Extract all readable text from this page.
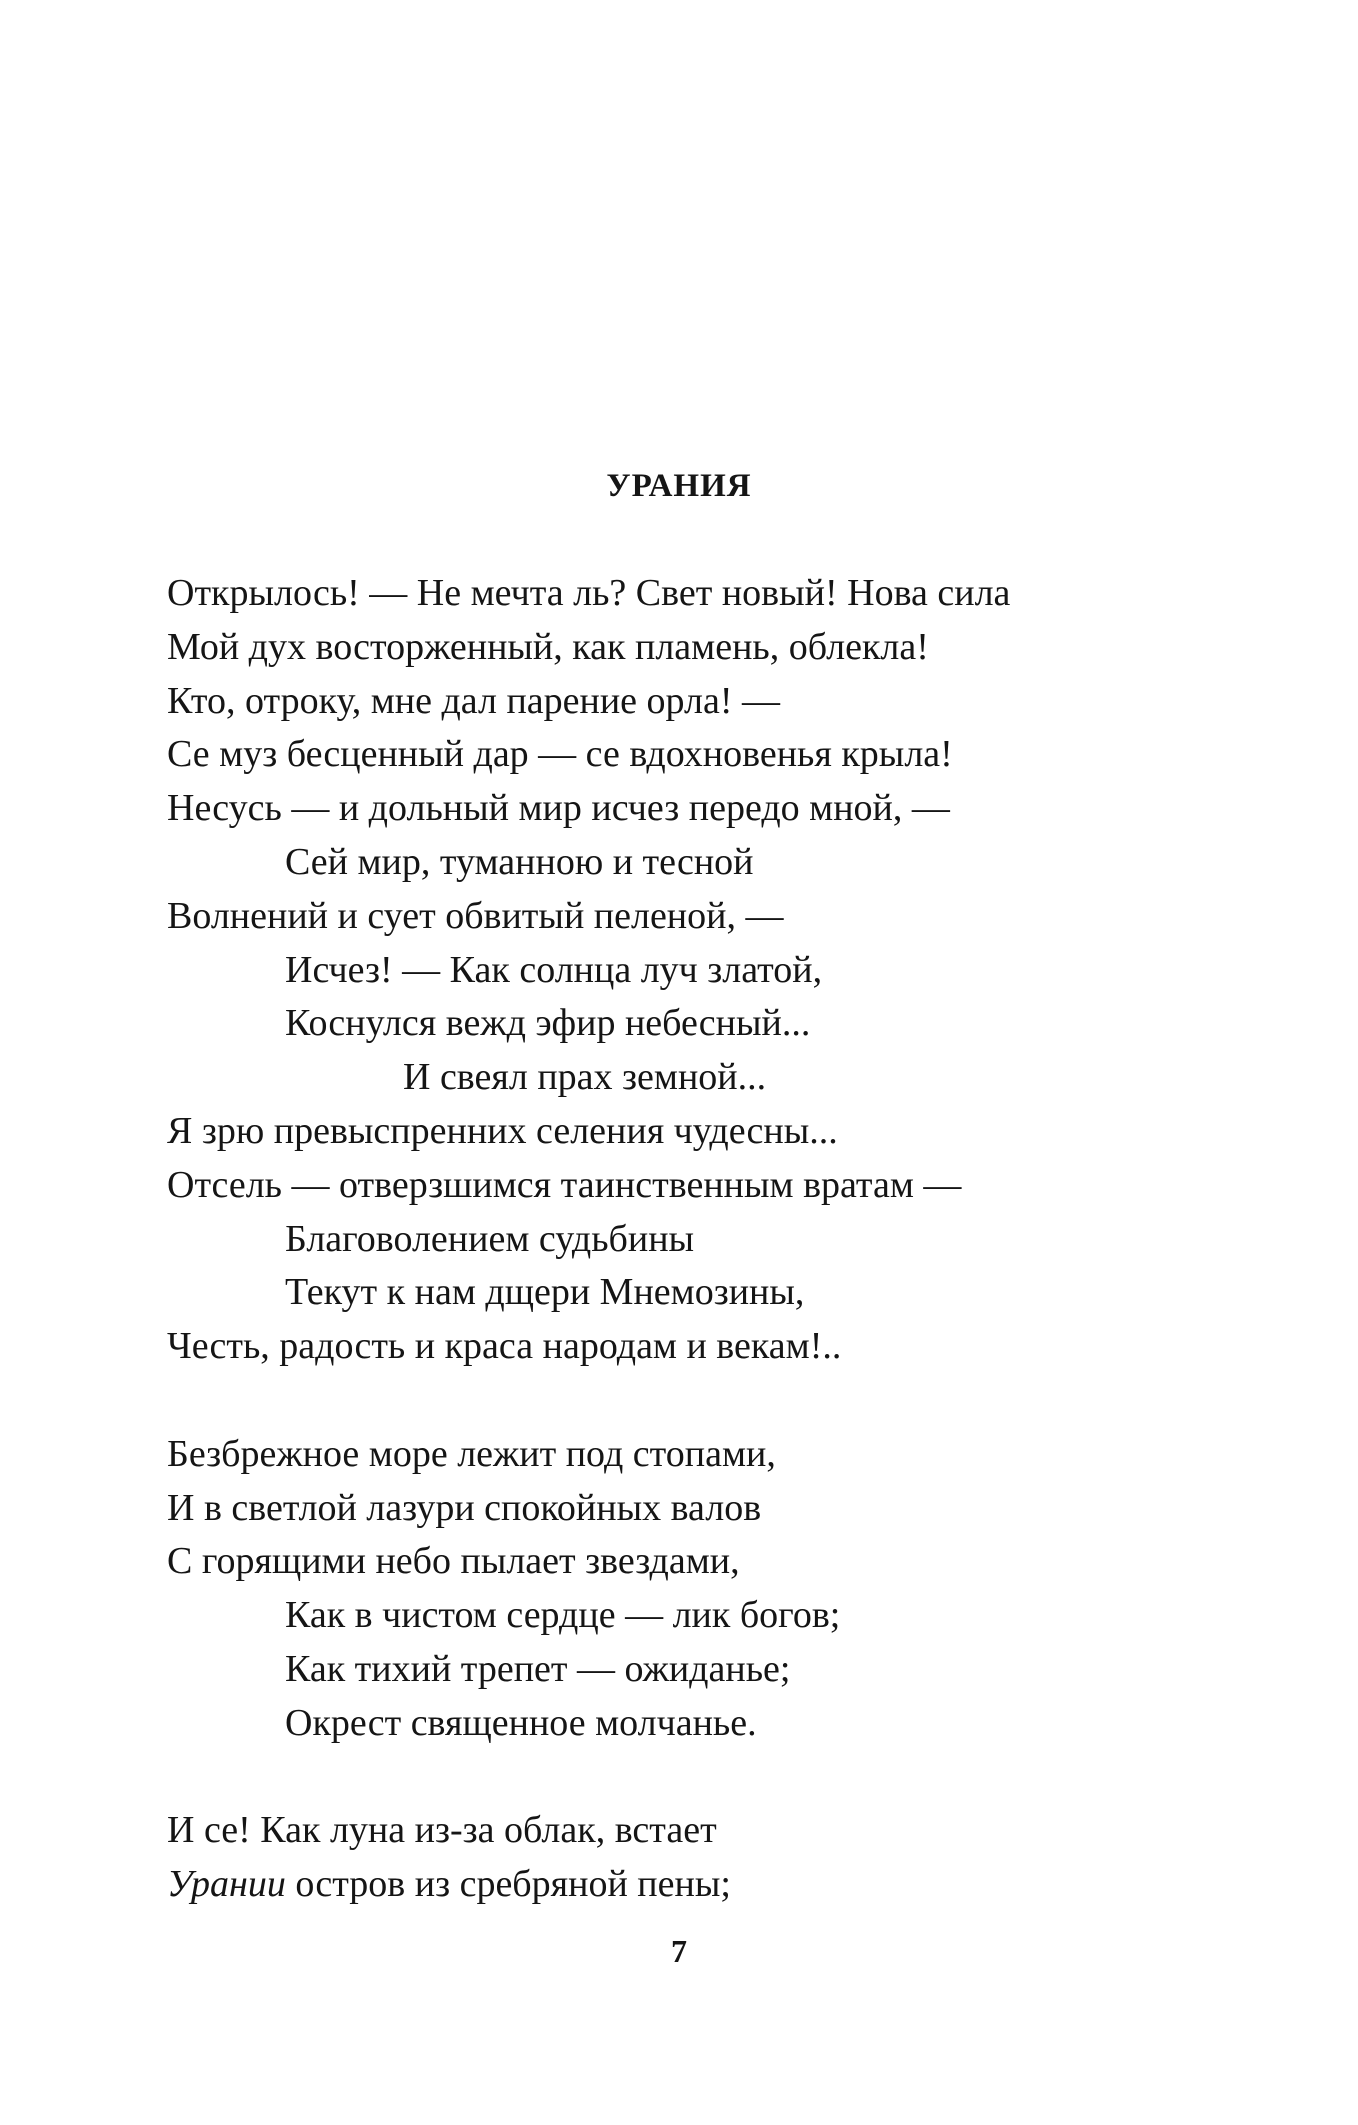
УРАНИЯ
Открылось! — Не мечта ль? Свет новый! Нова сила
Мой дух восторженный, как пламень, облекла!
Кто, отроку, мне дал парение орла! —
Се муз бесценный дар — се вдохновенья крыла!
Несусь — и дольный мир исчез передо мной, —
Сей мир, туманною и тесной
Волнений и сует обвитый пеленой, —
Исчез! — Как солнца луч златой,
Коснулся вежд эфир небесный...
И свеял прах земной...
Я зрю превыспренних селения чудесны...
Отсель — отверзшимся таинственным вратам —
Благоволением судьбины
Текут к нам дщери Мнемозины,
Честь, радость и краса народам и векам!..
Безбрежное море лежит под стопами,
И в светлой лазури спокойных валов
С горящими небо пылает звездами,
Как в чистом сердце — лик богов;
Как тихий трепет — ожиданье;
Окрест священное молчанье.
И се! Как луна из-за облак, встает
Урании остров из сребряной пены;

7
